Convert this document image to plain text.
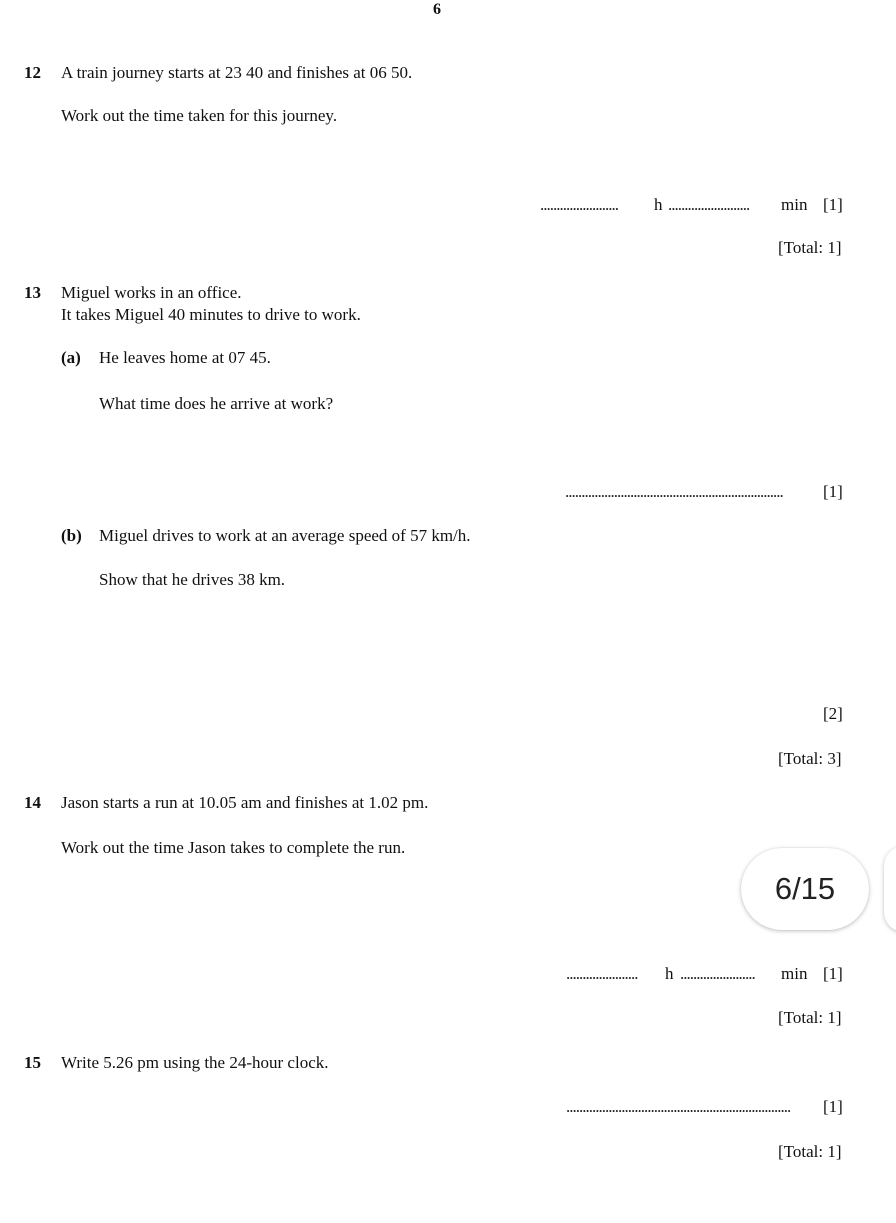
6
12 A train journey starts at 23 40 and finishes at 06 50.
Work out the time taken for this journey.
........................ h ......................... min [1]
[Total: 1]
13 Miguel works in an office.
It takes Miguel 40 minutes to drive to work.
(a) He leaves home at 07 45.
What time does he arrive at work?
................................................................... [1]
(b) Miguel drives to work at an average speed of 57 km/h.
Show that he drives 38 km.
[2]
[Total: 3]
14 Jason starts a run at 10.05 am and finishes at 1.02 pm.
Work out the time Jason takes to complete the run.
...................... h ....................... min [1]
[Total: 1]
15 Write 5.26 pm using the 24-hour clock.
..................................................................... [1]
[Total: 1]
6/15
